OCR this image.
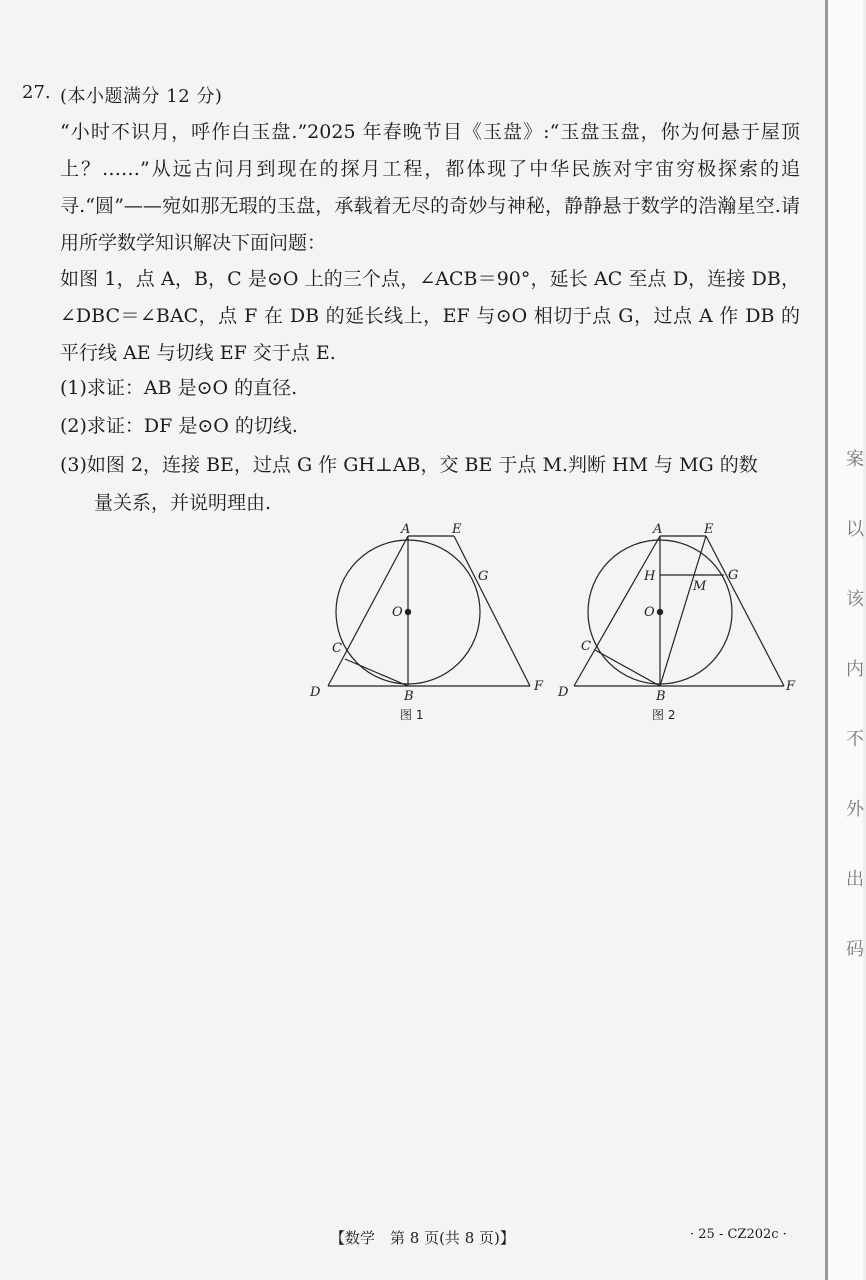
27. (本小题满分 12 分)
“小时不识月，呼作白玉盘.”2025 年春晚节目《玉盘》:“玉盘玉盘，你为何悬于屋顶上？……”从远古问月到现在的探月工程，都体现了中华民族对宇宙穷极探索的追寻.“圆”——宛如那无瑕的玉盘，承载着无尽的奇妙与神秘，静静悬于数学的浩瀚星空.请用所学数学知识解决下面问题：
如图 1，点 A，B，C 是⊙O 上的三个点，∠ACB＝90°，延长 AC 至点 D，连接 DB，∠DBC＝∠BAC，点 F 在 DB 的延长线上，EF 与⊙O 相切于点 G，过点 A 作 DB 的平行线 AE 与切线 EF 交于点 E.
(1)求证：AB 是⊙O 的直径.
(2)求证：DF 是⊙O 的切线.
(3)如图 2，连接 BE，过点 G 作 GH⊥AB，交 BE 于点 M.判断 HM 与 MG 的数
量关系，并说明理由.
A	E
G
O
C
D	B
F
图 1
A	E
H
M
G
O
C
D	B
F
图 2
【数学　第 8 页(共 8 页)】	· 25 - CZ202c ·
案
以
该
内
不
外
出
码
